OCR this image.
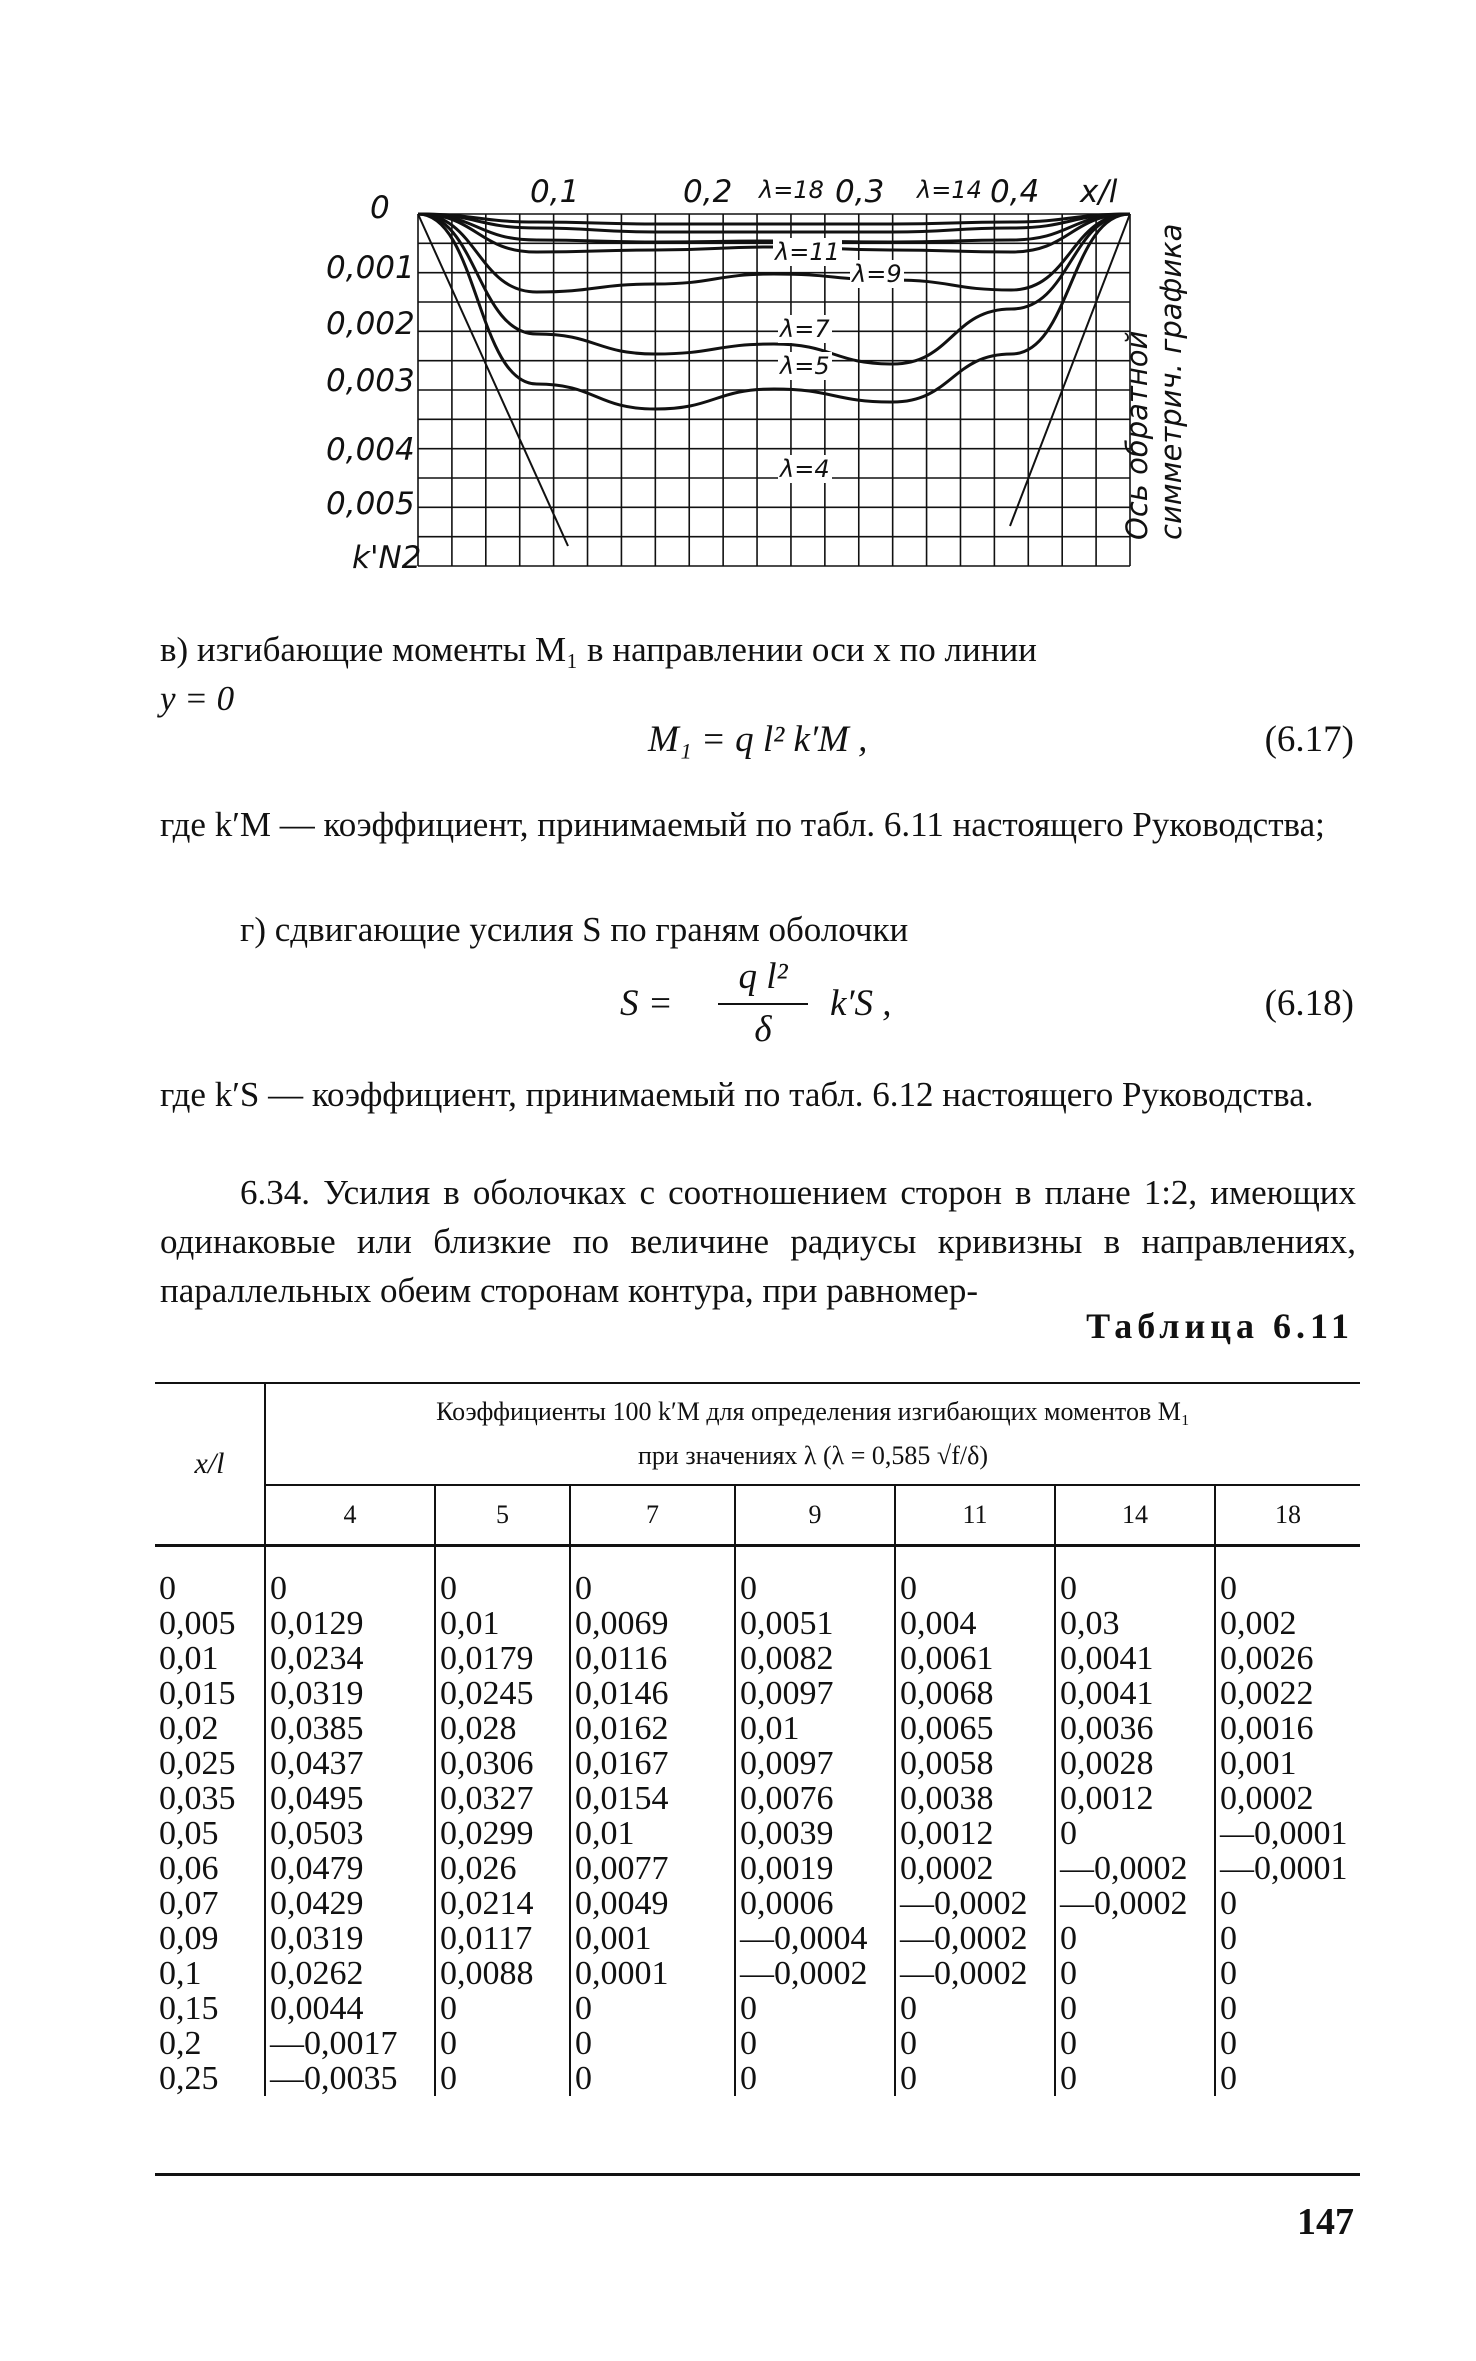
0
0,001
0,002
0,003
0,004
0,005
k'N2
0,1	0,2	0,3	0,4 x/l
λ=18	λ=14
λ=11
λ=9
λ=7
λ=5
λ=4	Ось обратной симметрич. графика
в) изгибающие моменты M₁ в направлении оси x по линии
y = 0
M₁ = q l² k′M ,	(6.17)
где k′M — коэффициент, принимаемый по табл. 6.11 настоящего Руководства;
г) сдвигающие усилия S по граням оболочки
S =
q l²
δ
k′S ,	(6.18)
где k′S — коэффициент, принимаемый по табл. 6.12 настоящего Руководства.
6.34. Усилия в оболочках с соотношением сторон в плане 1:2, имеющих одинаковые или близкие по величине радиусы кривизны в направлениях, параллельных обеим сторонам контура, при равномер-
Таблица 6.11
x/l	Коэффициенты 100 k′M для определения изгибающих моментов M₁
при значениях λ (λ = 0,585 √f/δ)						

	4	5	7	9	11	14	18
0	0	0	0	0	0	0	0
0,005	0,0129	0,01	0,0069	0,0051	0,004	0,03	0,002
0,01	0,0234	0,0179	0,0116	0,0082	0,0061	0,0041	0,0026
0,015	0,0319	0,0245	0,0146	0,0097	0,0068	0,0041	0,0022
0,02	0,0385	0,028	0,0162	0,01	0,0065	0,0036	0,0016
0,025	0,0437	0,0306	0,0167	0,0097	0,0058	0,0028	0,001
0,035	0,0495	0,0327	0,0154	0,0076	0,0038	0,0012	0,0002
0,05	0,0503	0,0299	0,01	0,0039	0,0012	0	—0,0001
0,06	0,0479	0,026	0,0077	0,0019	0,0002	—0,0002	—0,0001
0,07	0,0429	0,0214	0,0049	0,0006	—0,0002	—0,0002	0
0,09	0,0319	0,0117	0,001	—0,0004	—0,0002	0	0
0,1	0,0262	0,0088	0,0001	—0,0002	—0,0002	0	0
0,15	0,0044	0	0	0	0	0	0
0,2	—0,0017	0	0	0	0	0	0
0,25	—0,0035	0	0	0	0	0	0
147
